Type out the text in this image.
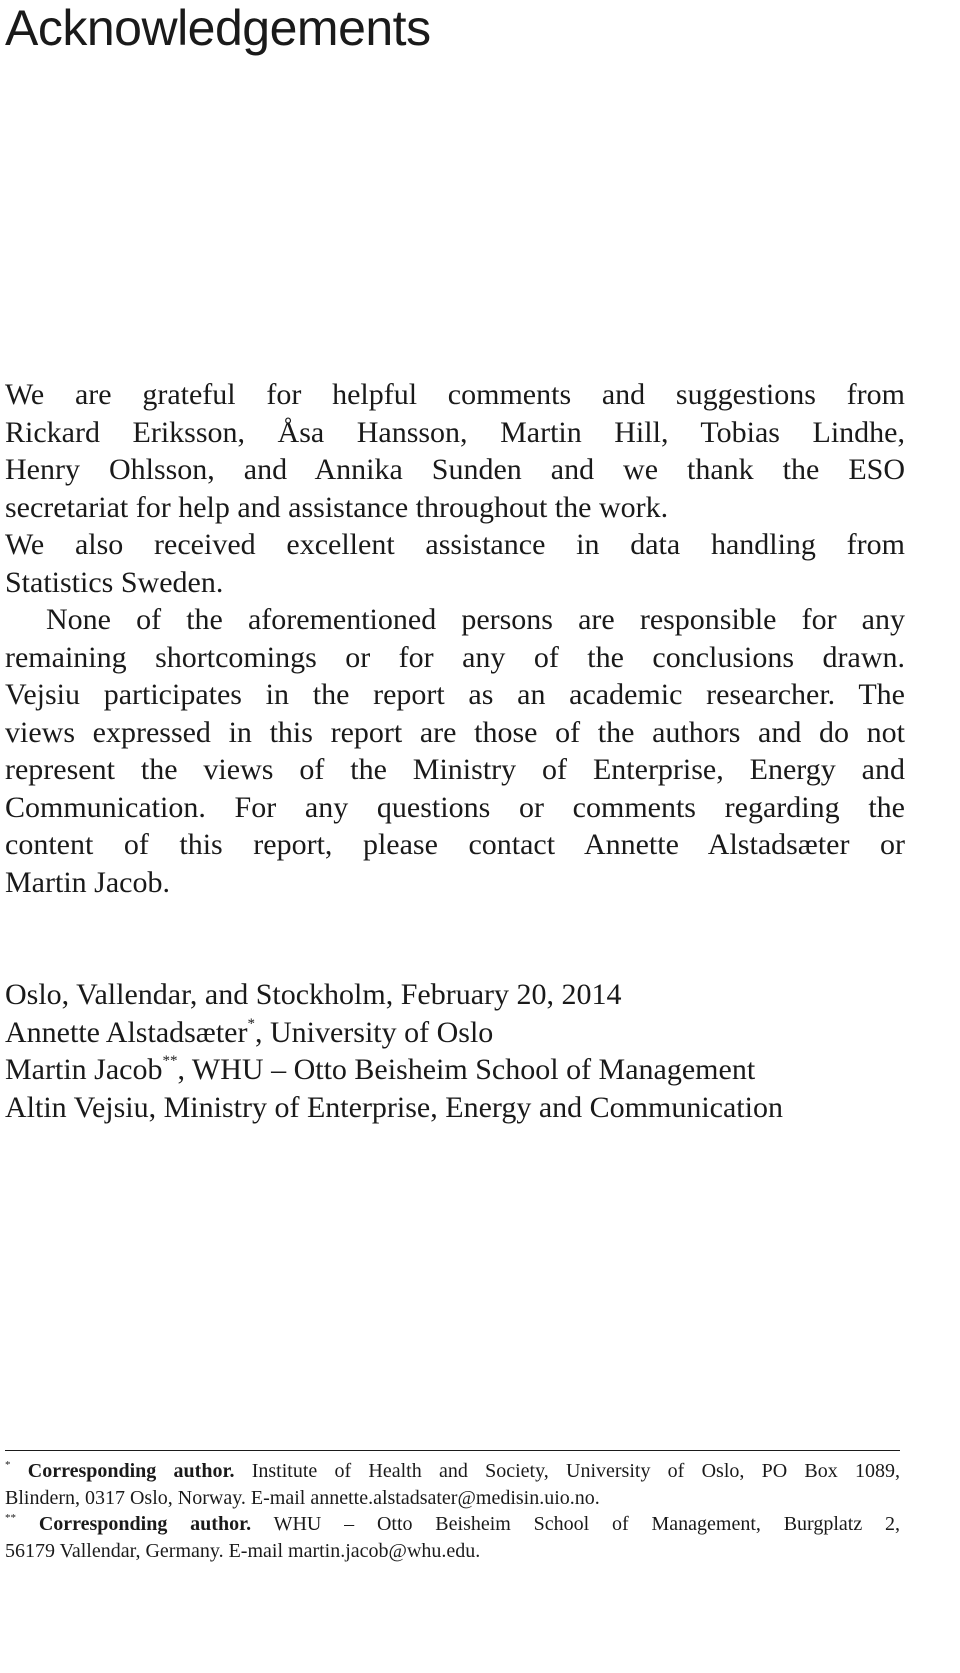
Acknowledgements
We are grateful for helpful comments and suggestions from
Rickard Eriksson, Åsa Hansson, Martin Hill, Tobias Lindhe,
Henry Ohlsson, and Annika Sunden and we thank the ESO
secretariat for help and assistance throughout the work.
We also received excellent assistance in data handling from
Statistics Sweden.
None of the aforementioned persons are responsible for any
remaining shortcomings or for any of the conclusions drawn.
Vejsiu participates in the report as an academic researcher. The
views expressed in this report are those of the authors and do not
represent the views of the Ministry of Enterprise, Energy and
Communication. For any questions or comments regarding the
content of this report, please contact Annette Alstadsæter or
Martin Jacob.
Oslo, Vallendar, and Stockholm, February 20, 2014
Annette Alstadsæter*, University of Oslo
Martin Jacob**, WHU – Otto Beisheim School of Management
Altin Vejsiu, Ministry of Enterprise, Energy and Communication
* Corresponding author. Institute of Health and Society, University of Oslo, PO Box 1089,
Blindern, 0317 Oslo, Norway. E-mail annette.alstadsater@medisin.uio.no.
** Corresponding author. WHU – Otto Beisheim School of Management, Burgplatz 2,
56179 Vallendar, Germany. E-mail martin.jacob@whu.edu.
